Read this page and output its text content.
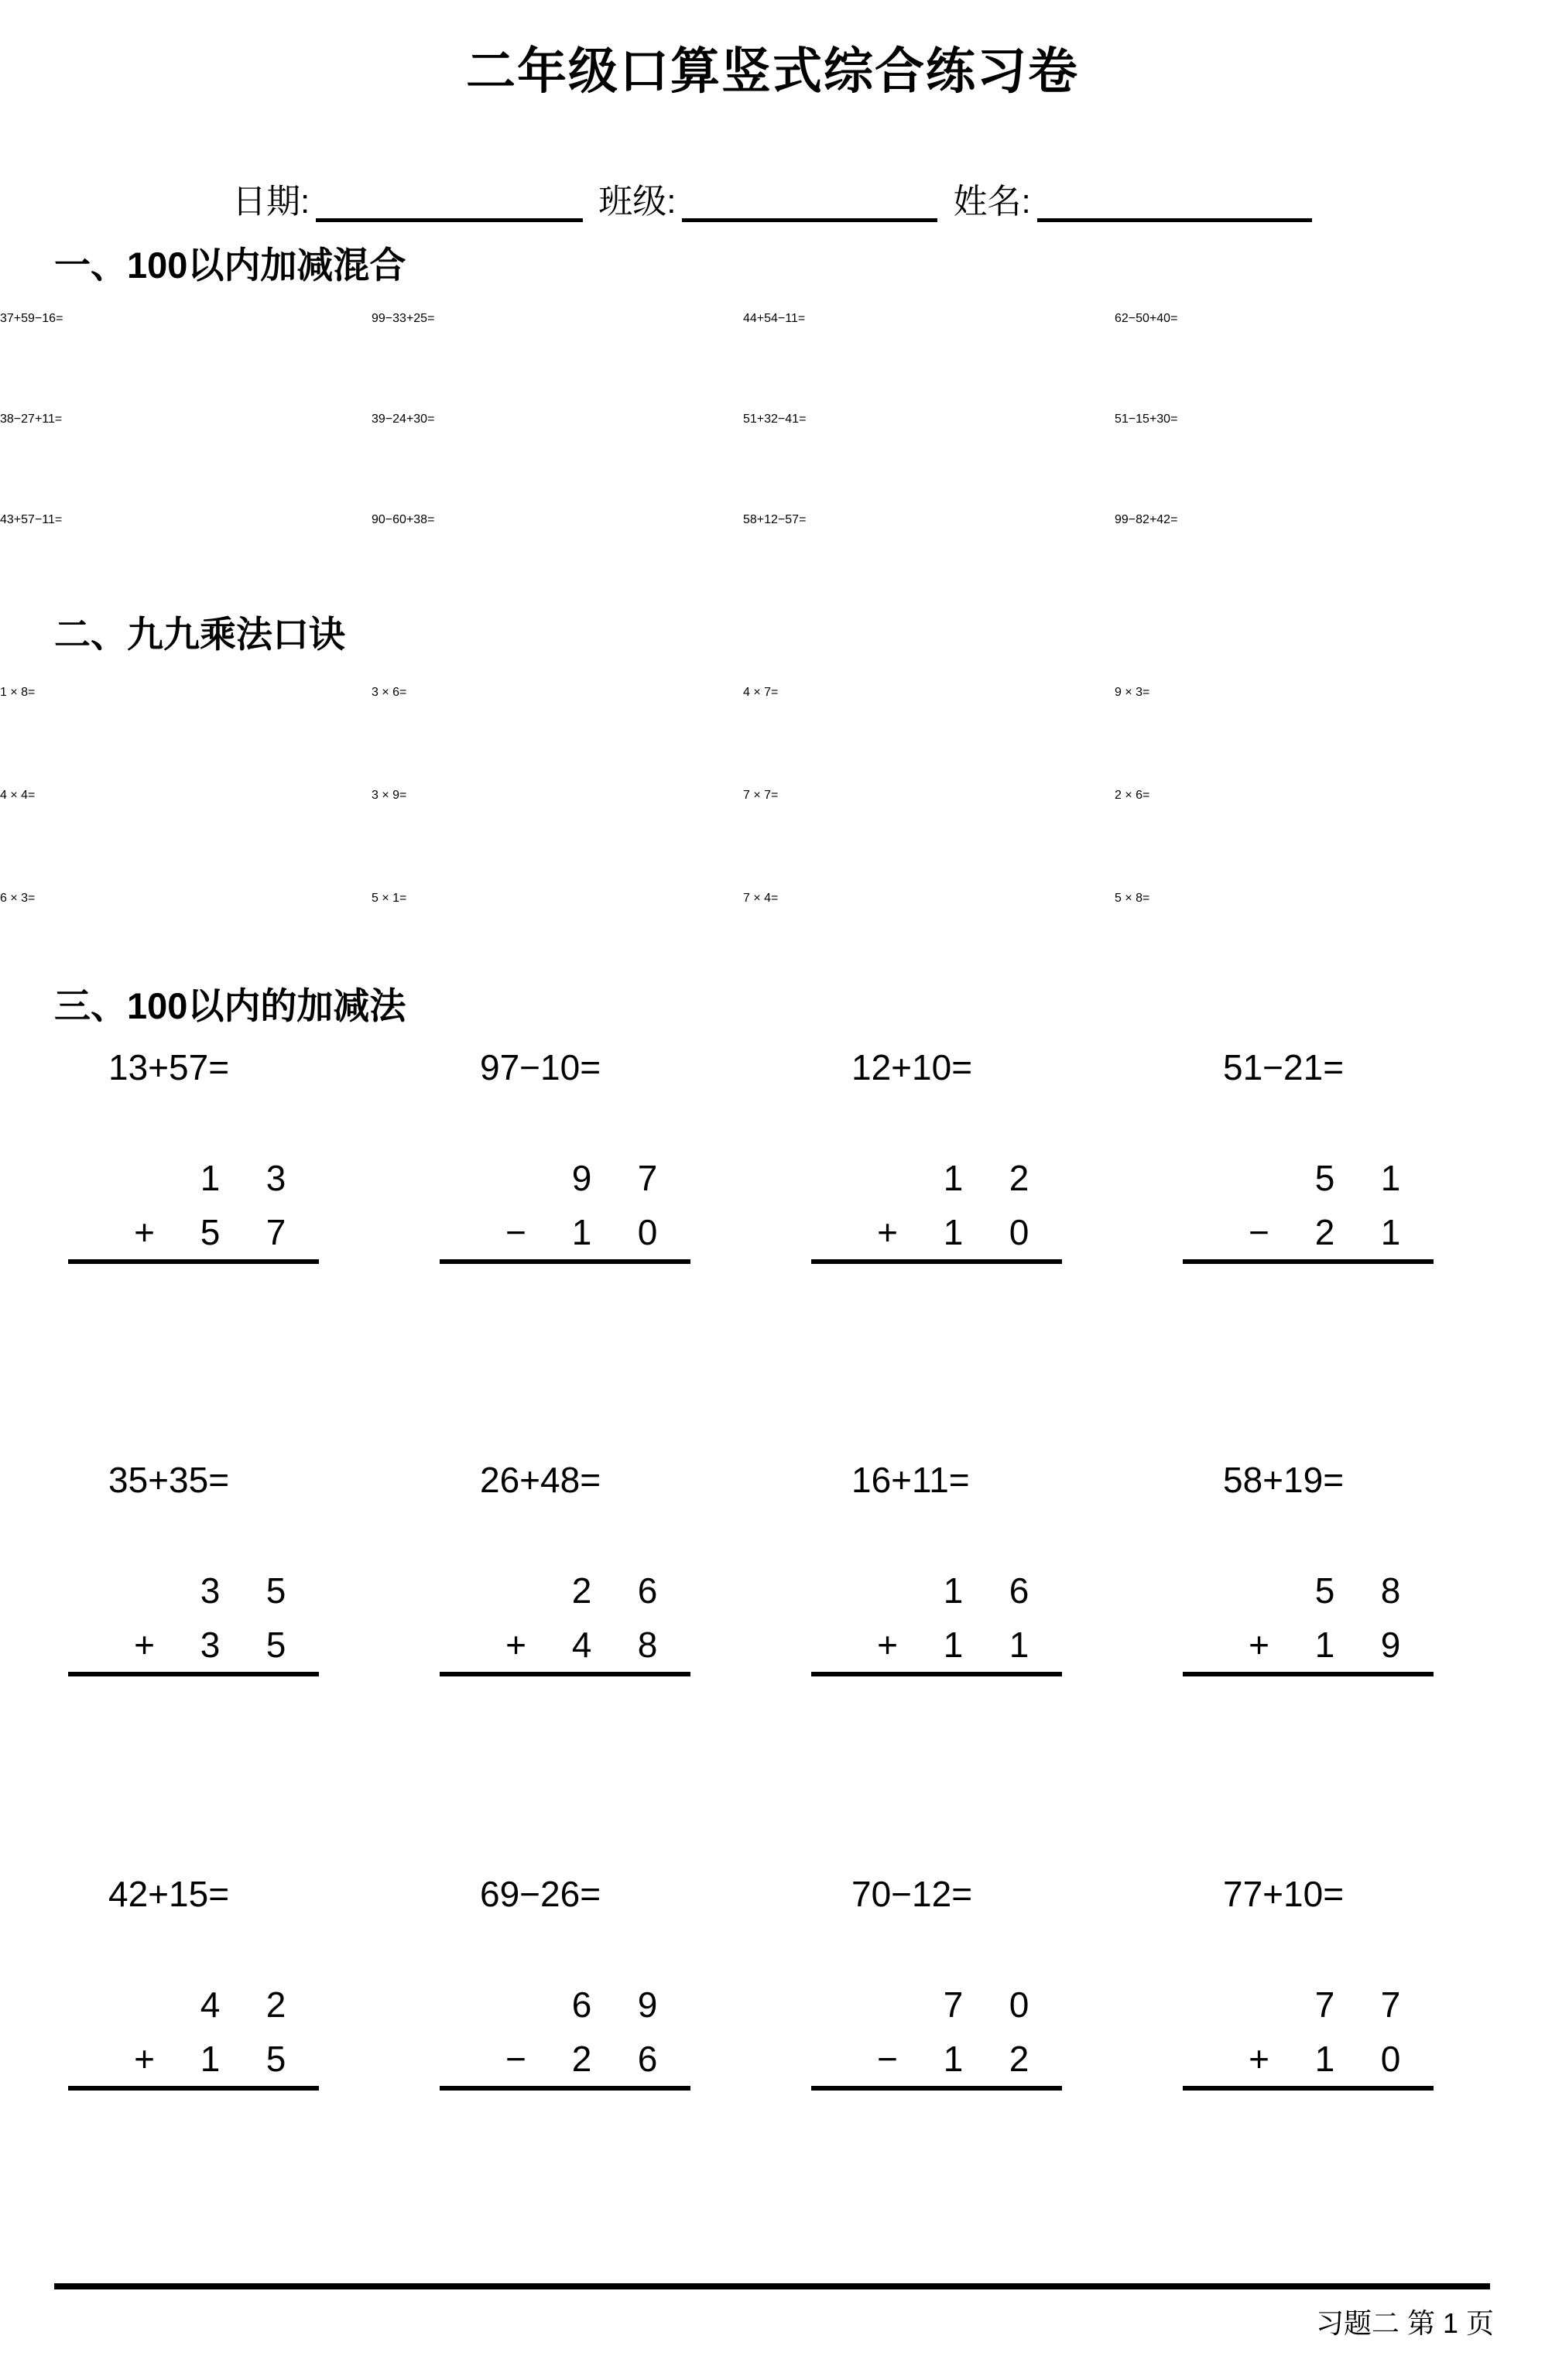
二年级口算竖式综合练习卷
日期:	班级:	姓名:
一、100以内加减混合
37+59−16=	99−33+25=	44+54−11=	62−50+40=
38−27+11=	39−24+30=	51+32−41=	51−15+30=
43+57−11=	90−60+38=	58+12−57=	99−82+42=
二、九九乘法口诀
1 × 8=	3 × 6=	4 × 7=	9 × 3=
4 × 4=	3 × 9=	7 × 7=	2 × 6=
6 × 3=	5 × 1=	7 × 4=	5 × 8=
三、100以内的加减法
13+57=
1	3
+	5	7
97−10=
9	7
−	1	0
12+10=
1	2
+	1	0
51−21=
5	1
−	2	1
35+35=
3	5
+	3	5
26+48=
2	6
+	4	8
16+11=
1	6
+	1	1
58+19=
5	8
+	1	9
42+15=
4	2
+	1	5
69−26=
6	9
−	2	6
70−12=
7	0
−	1	2
77+10=
7	7
+	1	0
习题二 第 1 页
